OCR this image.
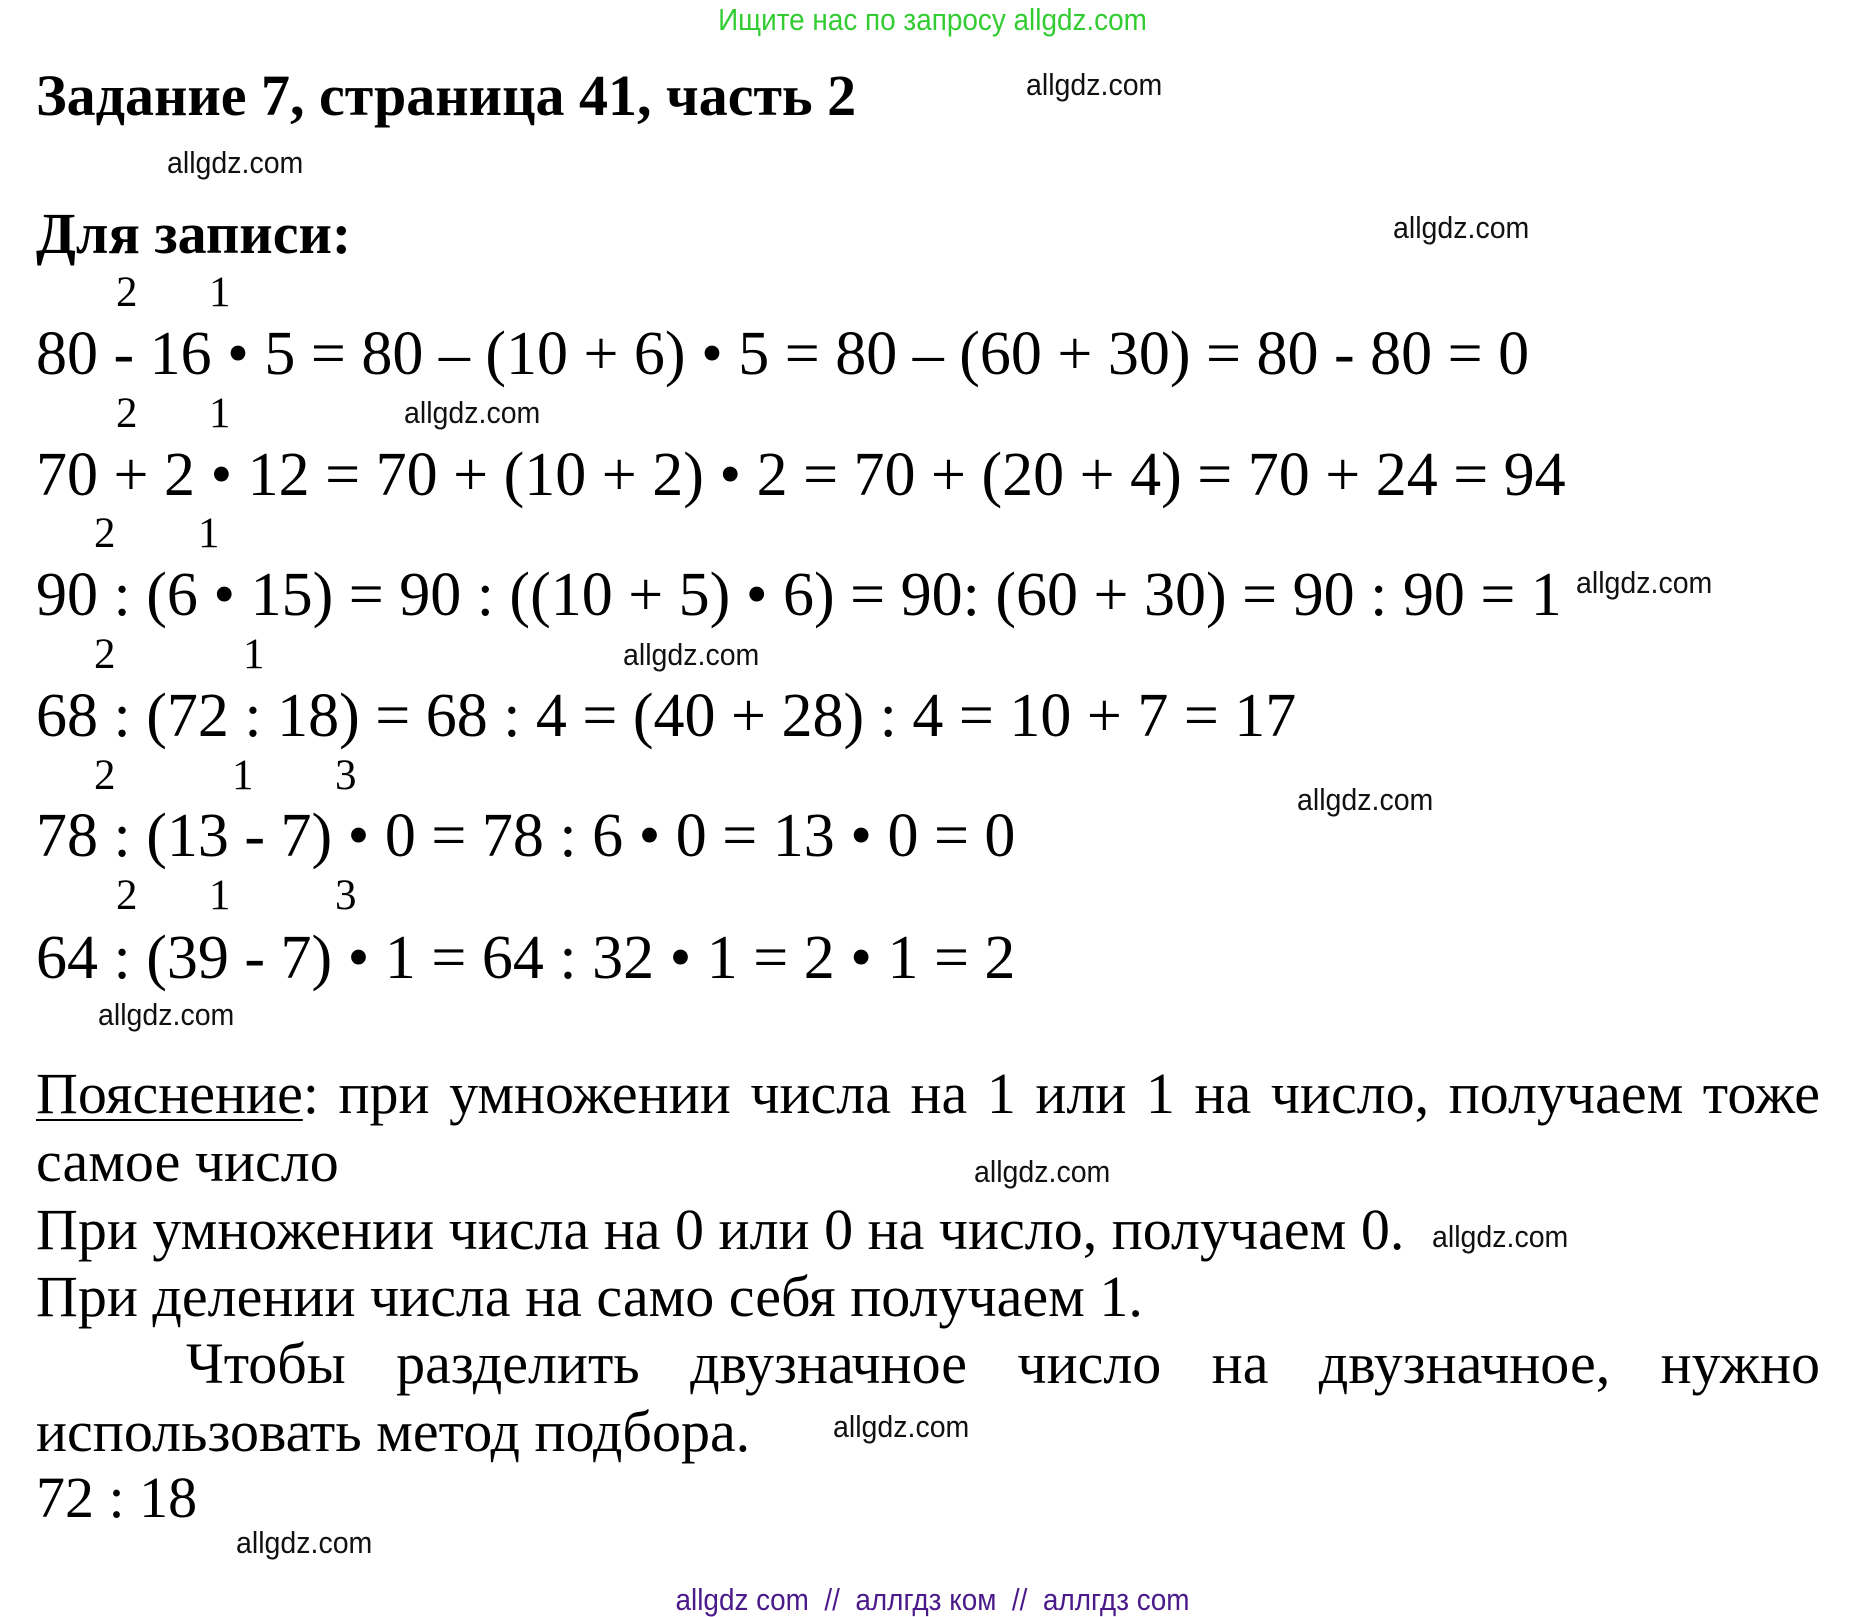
Ищите нас по запросу allgdz.com
Задание 7, страница 41, часть 2
Для записи:
2 1
2 1
2 1
2	1
2	1 3
2 1 3
80 - 16 • 5 = 80 – (10 + 6) • 5 = 80 – (60 + 30) = 80 - 80 = 0
70 + 2 • 12 = 70 + (10 + 2) • 2 = 70 + (20 + 4) = 70 + 24 = 94
90 : (6 • 15) = 90 : ((10 + 5) • 6) = 90: (60 + 30) = 90 : 90 = 1
68 : (72 : 18) = 68 : 4 = (40 + 28) : 4 = 10 + 7 = 17
78 : (13 - 7) • 0 = 78 : 6 • 0 = 13 • 0 = 0
64 : (39 - 7) • 1 = 64 : 32 • 1 = 2 • 1 = 2
Пояснение: при умножении числа на 1 или 1 на число, получаем тоже
самое число
При умножении числа на 0 или 0 на число, получаем 0.
При делении числа на само себя получаем 1.
Чтобы разделить двузначное число на двузначное, нужно
использовать метод подбора.
72 : 18
allgdz.com
allgdz.com
allgdz.com
allgdz.com
allgdz.com
allgdz.com
allgdz.com
allgdz.com
allgdz.com
allgdz.com
allgdz.com
allgdz.com
allgdz com  //  аллгдз ком  //  аллгдз com
